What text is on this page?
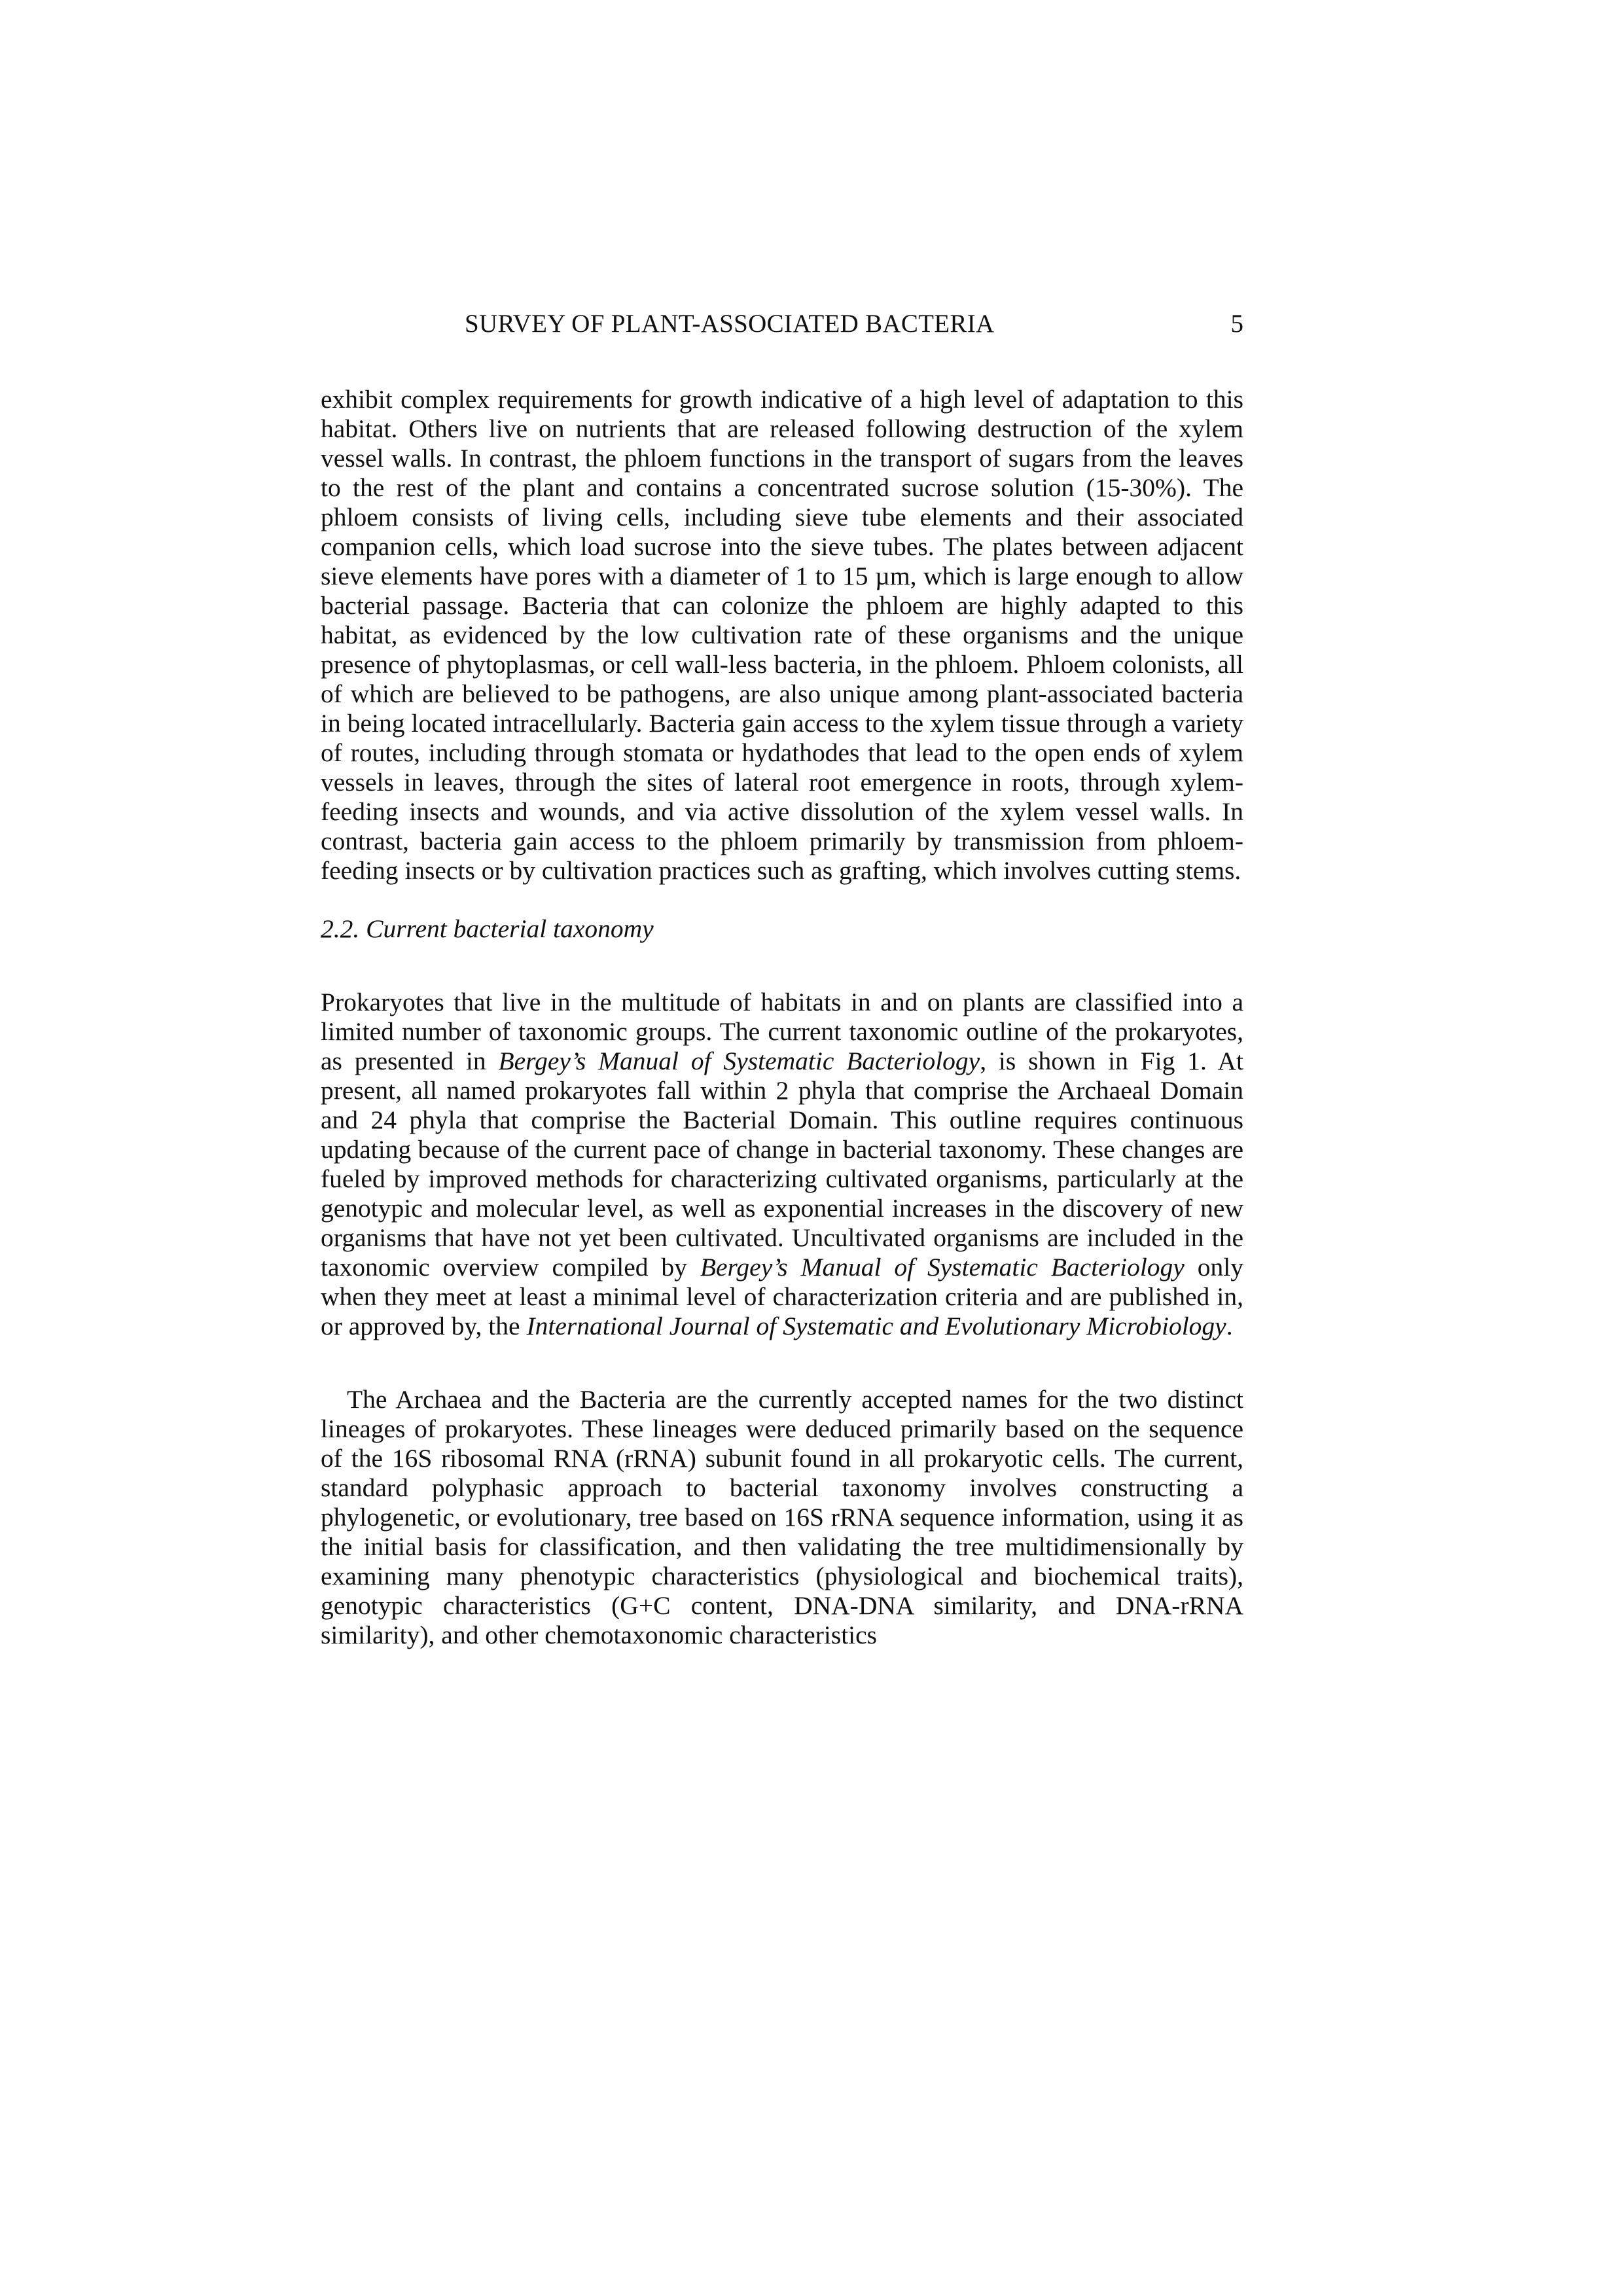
SURVEY OF PLANT-ASSOCIATED BACTERIA	5

exhibit complex requirements for growth indicative of a high level of adaptation to this habitat. Others live on nutrients that are released following destruction of the xylem vessel walls. In contrast, the phloem functions in the transport of sugars from the leaves to the rest of the plant and contains a concentrated sucrose solution (15-30%). The phloem consists of living cells, including sieve tube elements and their associated companion cells, which load sucrose into the sieve tubes. The plates between adjacent sieve elements have pores with a diameter of 1 to 15 µm, which is large enough to allow bacterial passage. Bacteria that can colonize the phloem are highly adapted to this habitat, as evidenced by the low cultivation rate of these organisms and the unique presence of phytoplasmas, or cell wall-less bacteria, in the phloem. Phloem colonists, all of which are believed to be pathogens, are also unique among plant-associated bacteria in being located intracellularly. Bacteria gain access to the xylem tissue through a variety of routes, including through stomata or hydathodes that lead to the open ends of xylem vessels in leaves, through the sites of lateral root emergence in roots, through xylem-feeding insects and wounds, and via active dissolution of the xylem vessel walls. In contrast, bacteria gain access to the phloem primarily by transmission from phloem-feeding insects or by cultivation practices such as grafting, which involves cutting stems.

2.2. Current bacterial taxonomy

Prokaryotes that live in the multitude of habitats in and on plants are classified into a limited number of taxonomic groups. The current taxonomic outline of the prokaryotes, as presented in Bergey’s Manual of Systematic Bacteriology, is shown in Fig 1. At present, all named prokaryotes fall within 2 phyla that comprise the Archaeal Domain and 24 phyla that comprise the Bacterial Domain. This outline requires continuous updating because of the current pace of change in bacterial taxonomy. These changes are fueled by improved methods for characterizing cultivated organisms, particularly at the genotypic and molecular level, as well as exponential increases in the discovery of new organisms that have not yet been cultivated. Uncultivated organisms are included in the taxonomic overview compiled by Bergey’s Manual of Systematic Bacteriology only when they meet at least a minimal level of characterization criteria and are published in, or approved by, the International Journal of Systematic and Evolutionary Microbiology.

The Archaea and the Bacteria are the currently accepted names for the two distinct lineages of prokaryotes. These lineages were deduced primarily based on the sequence of the 16S ribosomal RNA (rRNA) subunit found in all prokaryotic cells. The current, standard polyphasic approach to bacterial taxonomy involves constructing a phylogenetic, or evolutionary, tree based on 16S rRNA sequence information, using it as the initial basis for classification, and then validating the tree multidimensionally by examining many phenotypic characteristics (physiological and biochemical traits), genotypic characteristics (G+C content, DNA-DNA similarity, and DNA-rRNA similarity), and other chemotaxonomic characteristics
